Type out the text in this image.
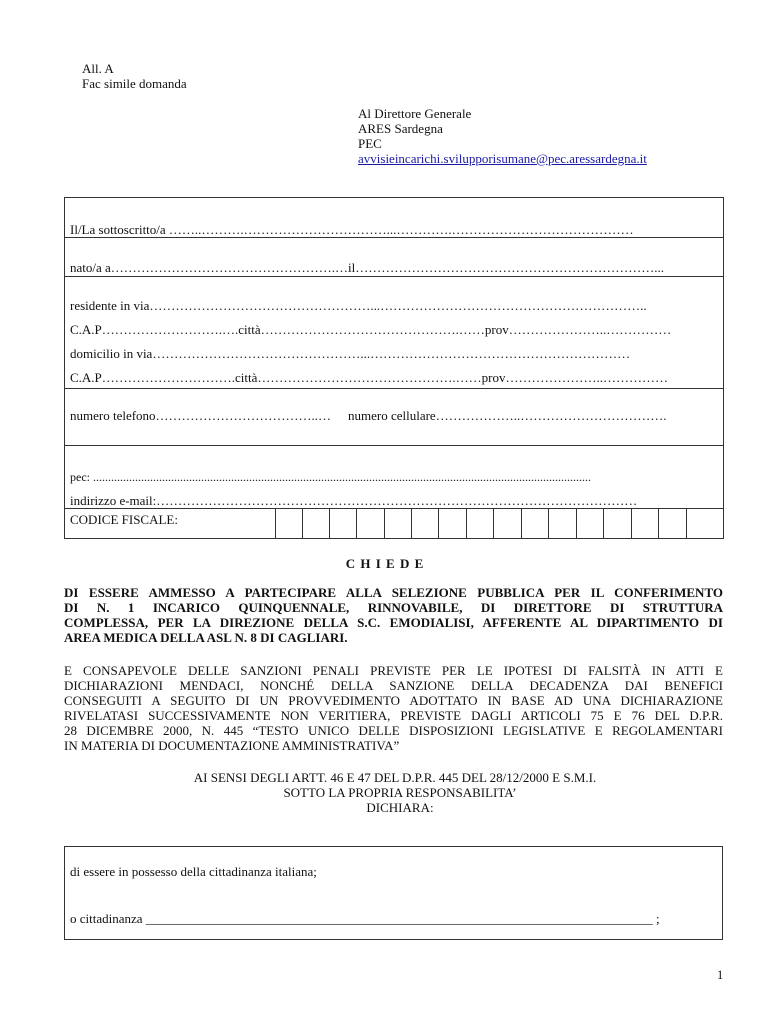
All. A
Fac simile domanda
Al Direttore Generale
ARES Sardegna
PEC
avvisieincarichi.svilupporisumane@pec.aressardegna.it
Il/La sottoscritto/a ……..……….……………………………...………….……………………………………
nato/a a…………………………………………….…il……………………………………………………………...
residente in via……………………………………………...……………………………………………………..
C.A.P……………………….….città……………………………………….……prov…………………..……………
domicilio in via…………………………………………...……………………………………………………
C.A.P………………………….città……………………………………….……prov…………………..……………
numero telefono………………………………..… numero cellulare………………..…………………………….
pec: ......................................................................................................................................................................
indirizzo e-mail:…………………………………………………………………………………………………
CODICE FISCALE:
C H I E D E
DI ESSERE AMMESSO A PARTECIPARE ALLA SELEZIONE PUBBLICA PER IL CONFERIMENTO
DI N. 1 INCARICO QUINQUENNALE, RINNOVABILE, DI DIRETTORE DI STRUTTURA
COMPLESSA, PER LA DIREZIONE DELLA S.C. EMODIALISI, AFFERENTE AL DIPARTIMENTO DI
AREA MEDICA DELLA ASL N. 8 DI CAGLIARI.
E CONSAPEVOLE DELLE SANZIONI PENALI PREVISTE PER LE IPOTESI DI FALSITÀ IN ATTI E
DICHIARAZIONI MENDACI, NONCHÉ DELLA SANZIONE DELLA DECADENZA DAI BENEFICI
CONSEGUITI A SEGUITO DI UN PROVVEDIMENTO ADOTTATO IN BASE AD UNA DICHIARAZIONE
RIVELATASI SUCCESSIVAMENTE NON VERITIERA, PREVISTE DAGLI ARTICOLI 75 E 76 DEL D.P.R.
28 DICEMBRE 2000, N. 445 “TESTO UNICO DELLE DISPOSIZIONI LEGISLATIVE E REGOLAMENTARI
IN MATERIA DI DOCUMENTAZIONE AMMINISTRATIVA”
AI SENSI DEGLI ARTT. 46 E 47 DEL D.P.R. 445 DEL 28/12/2000 E S.M.I.
SOTTO LA PROPRIA RESPONSABILITA’
DICHIARA:
di essere in possesso della cittadinanza italiana;
o cittadinanza ______________________________________________________________________________ ;
1
